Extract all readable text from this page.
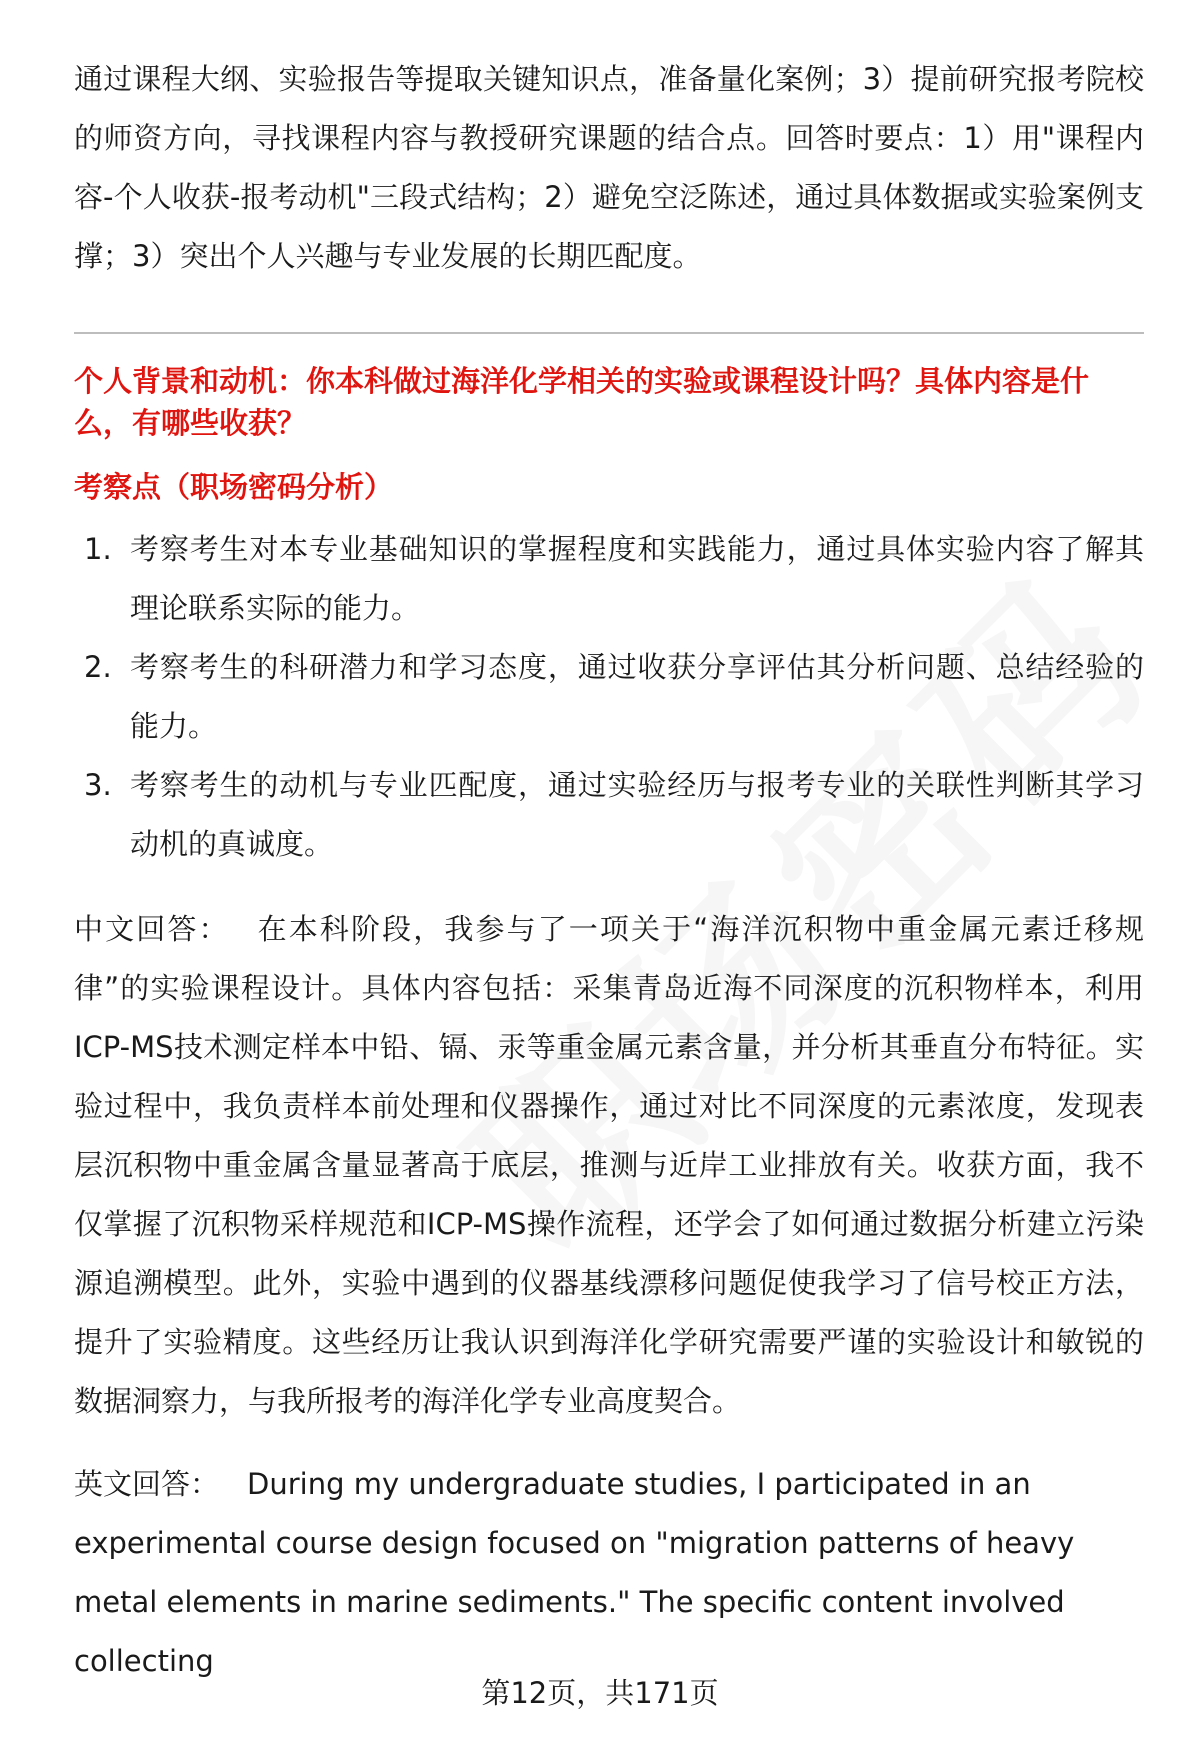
通过课程大纲、实验报告等提取关键知识点，准备量化案例；3）提前研究报考院校的师资方向，寻找课程内容与教授研究课题的结合点。回答时要点：1）用"课程内容-个人收获-报考动机"三段式结构；2）避免空泛陈述，通过具体数据或实验案例支撑；3）突出个人兴趣与专业发展的长期匹配度。

个人背景和动机：你本科做过海洋化学相关的实验或课程设计吗？具体内容是什么，有哪些收获？

考察点（职场密码分析）

1. 考察考生对本专业基础知识的掌握程度和实践能力，通过具体实验内容了解其理论联系实际的能力。
2. 考察考生的科研潜力和学习态度，通过收获分享评估其分析问题、总结经验的能力。
3. 考察考生的动机与专业匹配度，通过实验经历与报考专业的关联性判断其学习动机的真诚度。

中文回答： 在本科阶段，我参与了一项关于“海洋沉积物中重金属元素迁移规律”的实验课程设计。具体内容包括：采集青岛近海不同深度的沉积物样本，利用ICP-MS技术测定样本中铅、镉、汞等重金属元素含量，并分析其垂直分布特征。实验过程中，我负责样本前处理和仪器操作，通过对比不同深度的元素浓度，发现表层沉积物中重金属含量显著高于底层，推测与近岸工业排放有关。收获方面，我不仅掌握了沉积物采样规范和ICP-MS操作流程，还学会了如何通过数据分析建立污染源追溯模型。此外，实验中遇到的仪器基线漂移问题促使我学习了信号校正方法，提升了实验精度。这些经历让我认识到海洋化学研究需要严谨的实验设计和敏锐的数据洞察力，与我所报考的海洋化学专业高度契合。

英文回答： During my undergraduate studies, I participated in an experimental course design focused on "migration patterns of heavy metal elements in marine sediments." The specific content involved collecting

第12页，共171页
